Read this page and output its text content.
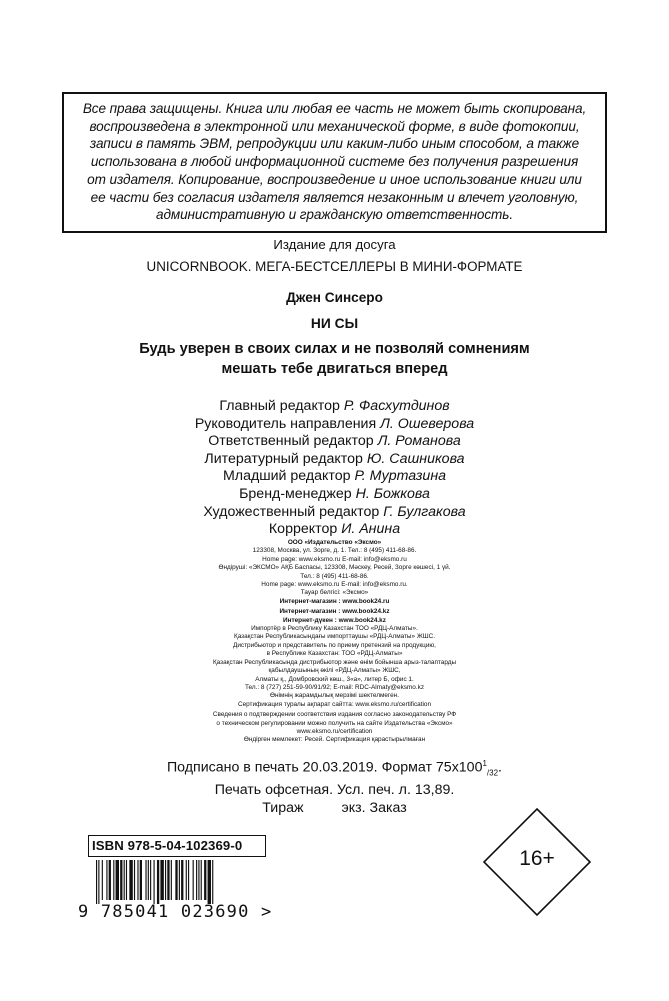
Все права защищены. Книга или любая ее часть не может быть скопирована,
воспроизведена в электронной или механической форме, в виде фотокопии,
записи в память ЭВМ, репродукции или каким-либо иным способом, а также
использована в любой информационной системе без получения разрешения
от издателя. Копирование, воспроизведение и иное использование книги или
ее части без согласия издателя является незаконным и влечет уголовную,
административную и гражданскую ответственность.
Издание для досуга
UNICORNBOOK. МЕГА-БЕСТСЕЛЛЕРЫ В МИНИ-ФОРМАТЕ
Джен Синсеро
НИ СЫ
Будь уверен в своих силах и не позволяй сомнениям
мешать тебе двигаться вперед
Главный редактор Р. Фасхутдинов
Руководитель направления Л. Ошеверова
Ответственный редактор Л. Романова
Литературный редактор Ю. Сашникова
Младший редактор Р. Муртазина
Бренд-менеджер Н. Божкова
Художественный редактор Г. Булгакова
Корректор И. Анина
ООО «Издательство «Эксмо»
123308, Москва, ул. Зорге, д. 1. Тел.: 8 (495) 411-68-86.
Home page: www.eksmo.ru E-mail: info@eksmo.ru
Өндіруші: «ЭКСМО» АҚБ Баспасы, 123308, Мәскеу, Ресей, Зорге көшесі, 1 үй.
Тел.: 8 (495) 411-68-86.
Home page: www.eksmo.ru E-mail: info@eksmo.ru.
Тауар белгісі: «Эксмо»
Интернет-магазин : www.book24.ru
Интернет-магазин : www.book24.kz
Интернет-дүкен : www.book24.kz
Импортёр в Республику Казахстан ТОО «РДЦ-Алматы».
Қазақстан Республикасындағы импорттаушы «РДЦ-Алматы» ЖШС.
Дистрибьютор и представитель по приему претензий на продукцию,
в Республике Казахстан: ТОО «РДЦ-Алматы»
Қазақстан Республикасында дистрибьютор және өнім бойынша арыз-талаптарды
қабылдаушының өкілі «РДЦ-Алматы» ЖШС,
Алматы қ., Домбровский көш., 3«а», литер Б, офис 1.
Тел.: 8 (727) 251-59-90/91/92; E-mail: RDC-Almaty@eksmo.kz
Өнімнің жарамдылық мерзімі шектелмеген.
Сертификация туралы ақпарат сайтта: www.eksmo.ru/certification
Сведения о подтверждении соответствия издания согласно законодательству РФ
о техническом регулировании можно получить на сайте Издательства «Эксмо»
www.eksmo.ru/certification
Өндірген мемлекет: Ресей. Сертификация қарастырылмаған
Подписано в печать 20.03.2019. Формат $75x100^1_{/32}$.
Печать офсетная. Усл. печ. л. 13,89.
Тираж	экз. Заказ
ISBN 978-5-04-102369-0
9 785041 023690 >
16+
